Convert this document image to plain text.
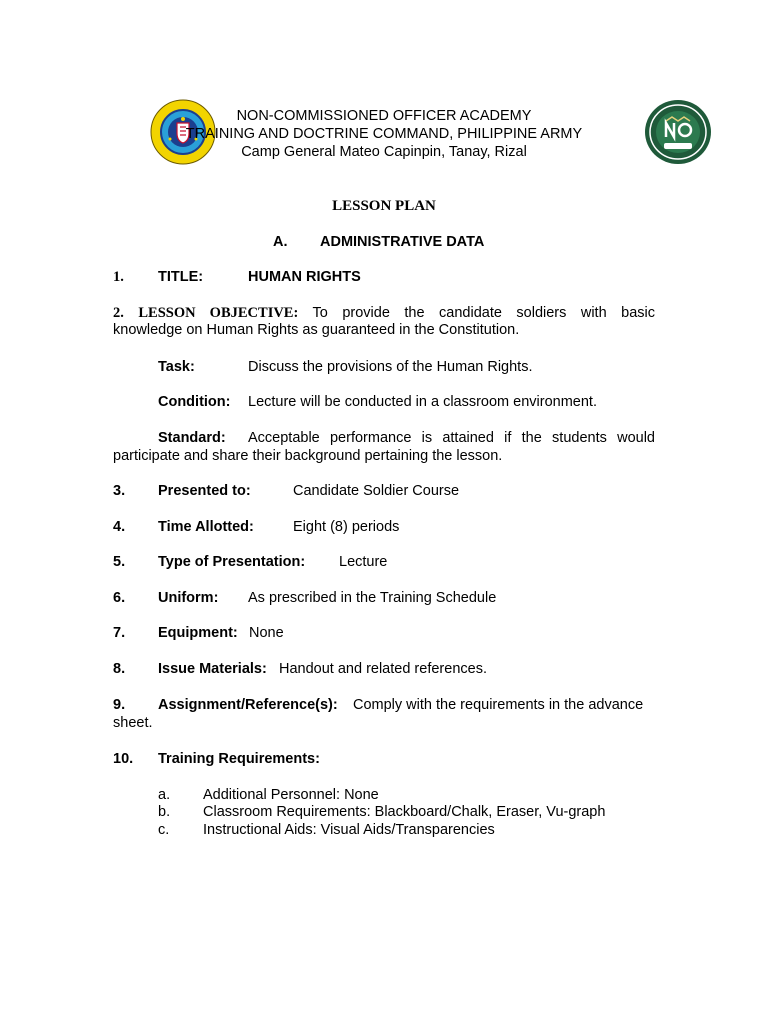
NON-COMMISSIONED OFFICER ACADEMY
TRAINING AND DOCTRINE COMMAND, PHILIPPINE ARMY
Camp General Mateo Capinpin, Tanay, Rizal
LESSON PLAN
A. ADMINISTRATIVE DATA
1. TITLE:	HUMAN RIGHTS
2. LESSON OBJECTIVE: To provide the candidate soldiers with basic
knowledge on Human Rights as guaranteed in the Constitution.
Task:	Discuss the provisions of the Human Rights.
Condition: Lecture will be conducted in a classroom environment.
Standard: Acceptable performance is attained if the students would
participate and share their background pertaining the lesson.
3. Presented to:	Candidate Soldier Course
4. Time Allotted:	Eight (8) periods
5. Type of Presentation: Lecture
6. Uniform: As prescribed in the Training Schedule
7. Equipment: None
8. Issue Materials: Handout and related references.
9. Assignment/Reference(s): Comply with the requirements in the advance
sheet.
10. Training Requirements:
a. Additional Personnel: None
b. Classroom Requirements: Blackboard/Chalk, Eraser, Vu-graph
c. Instructional Aids: Visual Aids/Transparencies
